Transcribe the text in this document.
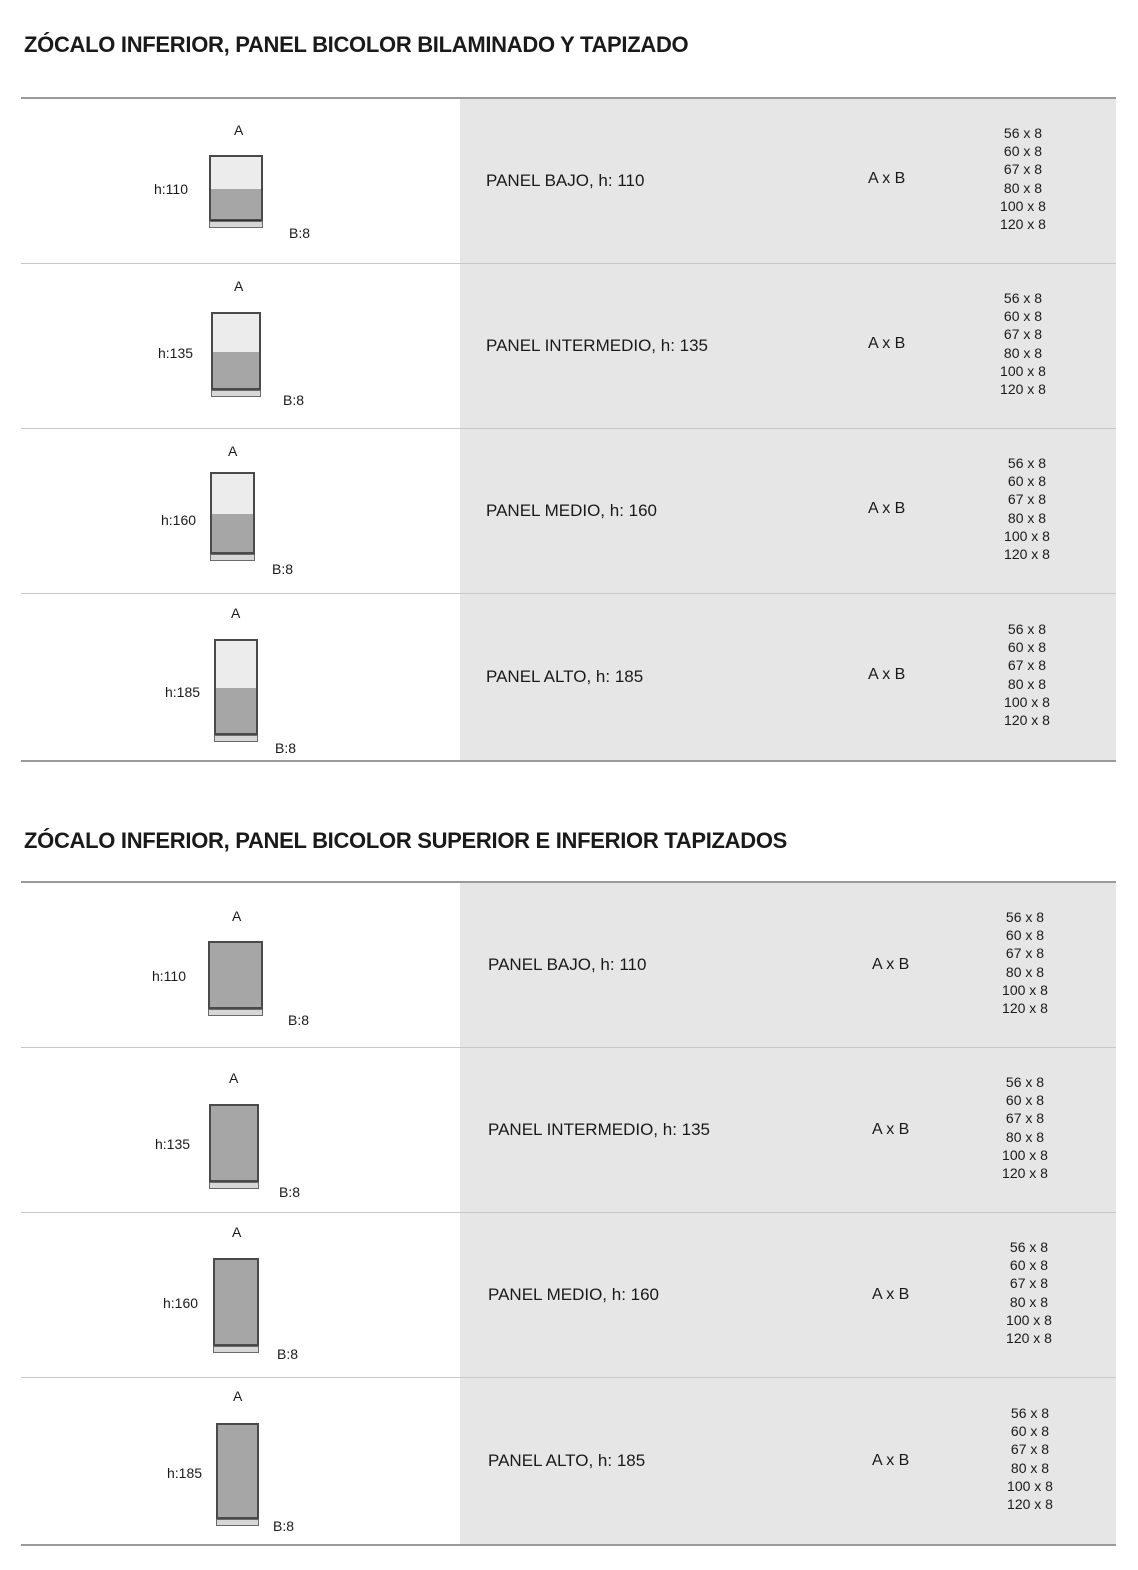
ZÓCALO INFERIOR, PANEL BICOLOR BILAMINADO Y TAPIZADO
A
h:110
B:8
PANEL BAJO, h: 110	A x B
56 x 8
60 x 8
67 x 8
80 x 8
100 x 8
120 x 8
A
h:135
B:8
PANEL INTERMEDIO, h: 135	A x B
56 x 8
60 x 8
67 x 8
80 x 8
100 x 8
120 x 8
A
h:160
B:8
PANEL MEDIO, h: 160	A x B
56 x 8
60 x 8
67 x 8
80 x 8
100 x 8
120 x 8
A
h:185
B:8
PANEL ALTO, h: 185	A x B
56 x 8
60 x 8
67 x 8
80 x 8
100 x 8
120 x 8
ZÓCALO INFERIOR, PANEL BICOLOR SUPERIOR E INFERIOR TAPIZADOS
A
h:110
B:8
PANEL BAJO, h: 110	A x B
56 x 8
60 x 8
67 x 8
80 x 8
100 x 8
120 x 8
A
h:135
B:8
PANEL INTERMEDIO, h: 135	A x B
56 x 8
60 x 8
67 x 8
80 x 8
100 x 8
120 x 8
A
h:160
B:8
PANEL MEDIO, h: 160	A x B
56 x 8
60 x 8
67 x 8
80 x 8
100 x 8
120 x 8
A
h:185
B:8
PANEL ALTO, h: 185	A x B
56 x 8
60 x 8
67 x 8
80 x 8
100 x 8
120 x 8
